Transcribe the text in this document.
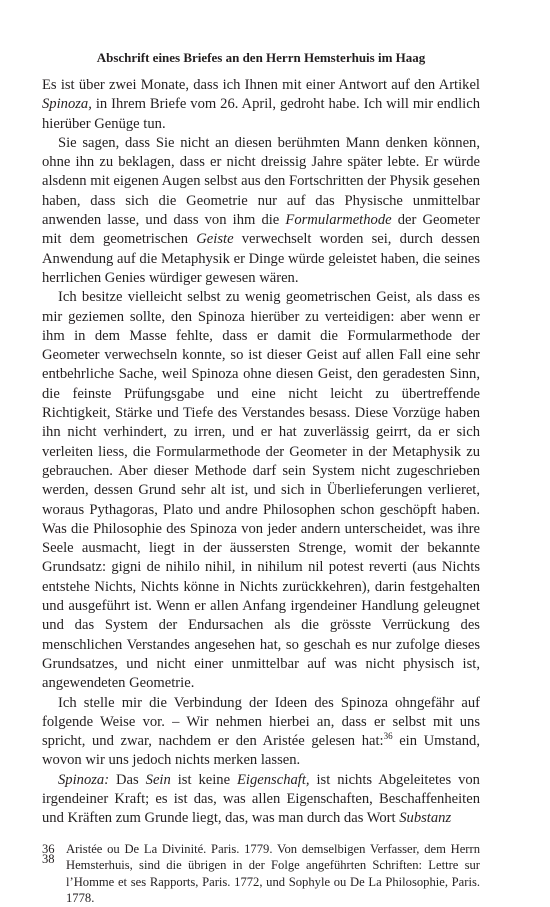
Abschrift eines Briefes an den Herrn Hemsterhuis im Haag

Es ist über zwei Monate, dass ich Ihnen mit einer Antwort auf den Artikel Spinoza, in Ihrem Briefe vom 26. April, gedroht habe. Ich will mir endlich hierüber Genüge tun.

Sie sagen, dass Sie nicht an diesen berühmten Mann denken können, ohne ihn zu beklagen, dass er nicht dreissig Jahre später lebte. Er würde alsdenn mit eigenen Augen selbst aus den Fortschritten der Physik gesehen haben, dass sich die Geometrie nur auf das Physische unmittelbar anwenden lasse, und dass von ihm die Formularmethode der Geometer mit dem geometrischen Geiste verwechselt worden sei, durch dessen Anwendung auf die Metaphysik er Dinge würde geleistet haben, die seines herrlichen Genies würdiger gewesen wären.

Ich besitze vielleicht selbst zu wenig geometrischen Geist, als dass es mir geziemen sollte, den Spinoza hierüber zu verteidigen: aber wenn er ihm in dem Masse fehlte, dass er damit die Formularmethode der Geometer verwechseln konnte, so ist dieser Geist auf allen Fall eine sehr entbehrliche Sache, weil Spinoza ohne diesen Geist, den geradesten Sinn, die feinste Prüfungsgabe und eine nicht leicht zu übertreffende Richtigkeit, Stärke und Tiefe des Verstandes besass. Diese Vorzüge haben ihn nicht verhindert, zu irren, und er hat zuverlässig geirrt, da er sich verleiten liess, die Formularmethode der Geometer in der Metaphysik zu gebrauchen. Aber dieser Methode darf sein System nicht zugeschrieben werden, dessen Grund sehr alt ist, und sich in Überlieferungen verlieret, woraus Pythagoras, Plato und andre Philosophen schon geschöpft haben. Was die Philosophie des Spinoza von jeder andern unterscheidet, was ihre Seele ausmacht, liegt in der äussersten Strenge, womit der bekannte Grundsatz: gigni de nihilo nihil, in nihilum nil potest reverti (aus Nichts entstehe Nichts, Nichts könne in Nichts zurückkehren), darin festgehalten und ausgeführt ist. Wenn er allen Anfang irgendeiner Handlung geleugnet und das System der Endursachen als die grösste Verrückung des menschlichen Verstandes angesehen hat, so geschah es nur zufolge dieses Grundsatzes, und nicht einer unmittelbar auf was nicht physisch ist, angewendeten Geometrie.

Ich stelle mir die Verbindung der Ideen des Spinoza ohngefähr auf folgende Weise vor. – Wir nehmen hierbei an, dass er selbst mit uns spricht, und zwar, nachdem er den Aristée gelesen hat:$^{36}$ ein Umstand, wovon wir uns jedoch nichts merken lassen.

Spinoza: Das Sein ist keine Eigenschaft, ist nichts Abgeleitetes von irgendeiner Kraft; es ist das, was allen Eigenschaften, Beschaffenheiten und Kräften zum Grunde liegt, das, was man durch das Wort Substanz

36 Aristée ou De La Divinité. Paris. 1779. Von demselbigen Verfasser, dem Herrn Hemsterhuis, sind die übrigen in der Folge angeführten Schriften: Lettre sur l’Homme et ses Rapports, Paris. 1772, und Sophyle ou De La Philosophie, Paris. 1778.
38
